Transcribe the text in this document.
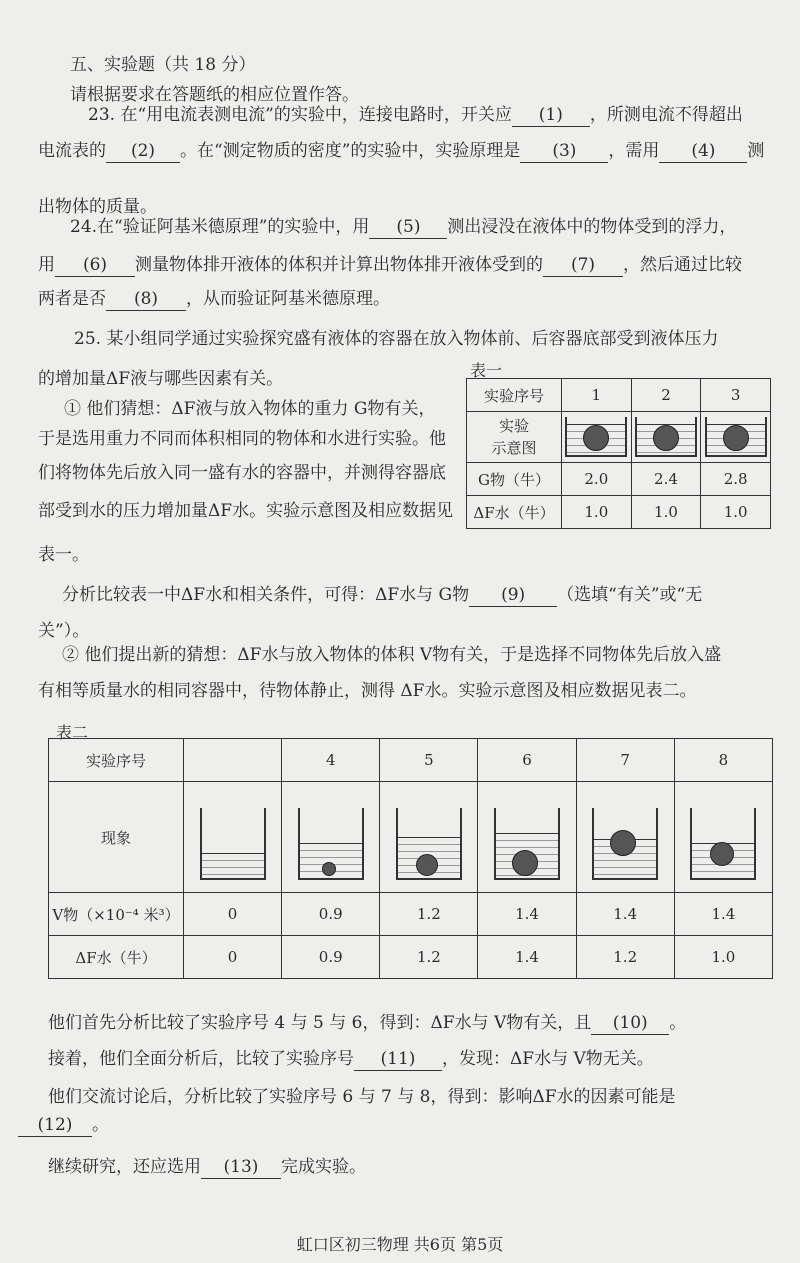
五、实验题（共 18 分）
请根据要求在答题纸的相应位置作答。
23. 在“用电流表测电流”的实验中，连接电路时，开关应 (1) ，所测电流不得超出
电流表的 (2) 。在“测定物质的密度”的实验中，实验原理是 (3) ，需用 (4) 测
出物体的质量。
24.在“验证阿基米德原理”的实验中，用 (5) 测出浸没在液体中的物体受到的浮力，
用 (6) 测量物体排开液体的体积并计算出物体排开液体受到的 (7) ，然后通过比较
两者是否 (8) ，从而验证阿基米德原理。
25. 某小组同学通过实验探究盛有液体的容器在放入物体前、后容器底部受到液体压力
的增加量ΔF液与哪些因素有关。
① 他们猜想：ΔF液与放入物体的重力 G物有关，
于是选用重力不同而体积相同的物体和水进行实验。他
们将物体先后放入同一盛有水的容器中，并测得容器底
部受到水的压力增加量ΔF水。实验示意图及相应数据见
表一。
表一
实验序号	1	2	3
实验
示意图	

G物（牛）	2.0	2.4	2.8
ΔF水（牛）	1.0	1.0	1.0
分析比较表一中ΔF水和相关条件，可得：ΔF水与 G物 (9) （选填“有关”或“无
关”）。
② 他们提出新的猜想：ΔF水与放入物体的体积 V物有关，于是选择不同物体先后放入盛
有相等质量水的相同容器中，待物体静止，测得 ΔF水。实验示意图及相应数据见表二。
表二
实验序号		4	5	6	7	8
现象	

V物（×10⁻⁴ 米³）	0	0.9	1.2	1.4	1.4	1.4
ΔF水（牛）	0	0.9	1.2	1.4	1.2	1.0
他们首先分析比较了实验序号 4 与 5 与 6，得到：ΔF水与 V物有关，且 (10) 。
接着，他们全面分析后，比较了实验序号 (11) ，发现：ΔF水与 V物无关。
他们交流讨论后，分析比较了实验序号 6 与 7 与 8，得到：影响ΔF水的因素可能是
(12) 。
继续研究，还应选用 (13) 完成实验。
虹口区初三物理 共6页 第5页
